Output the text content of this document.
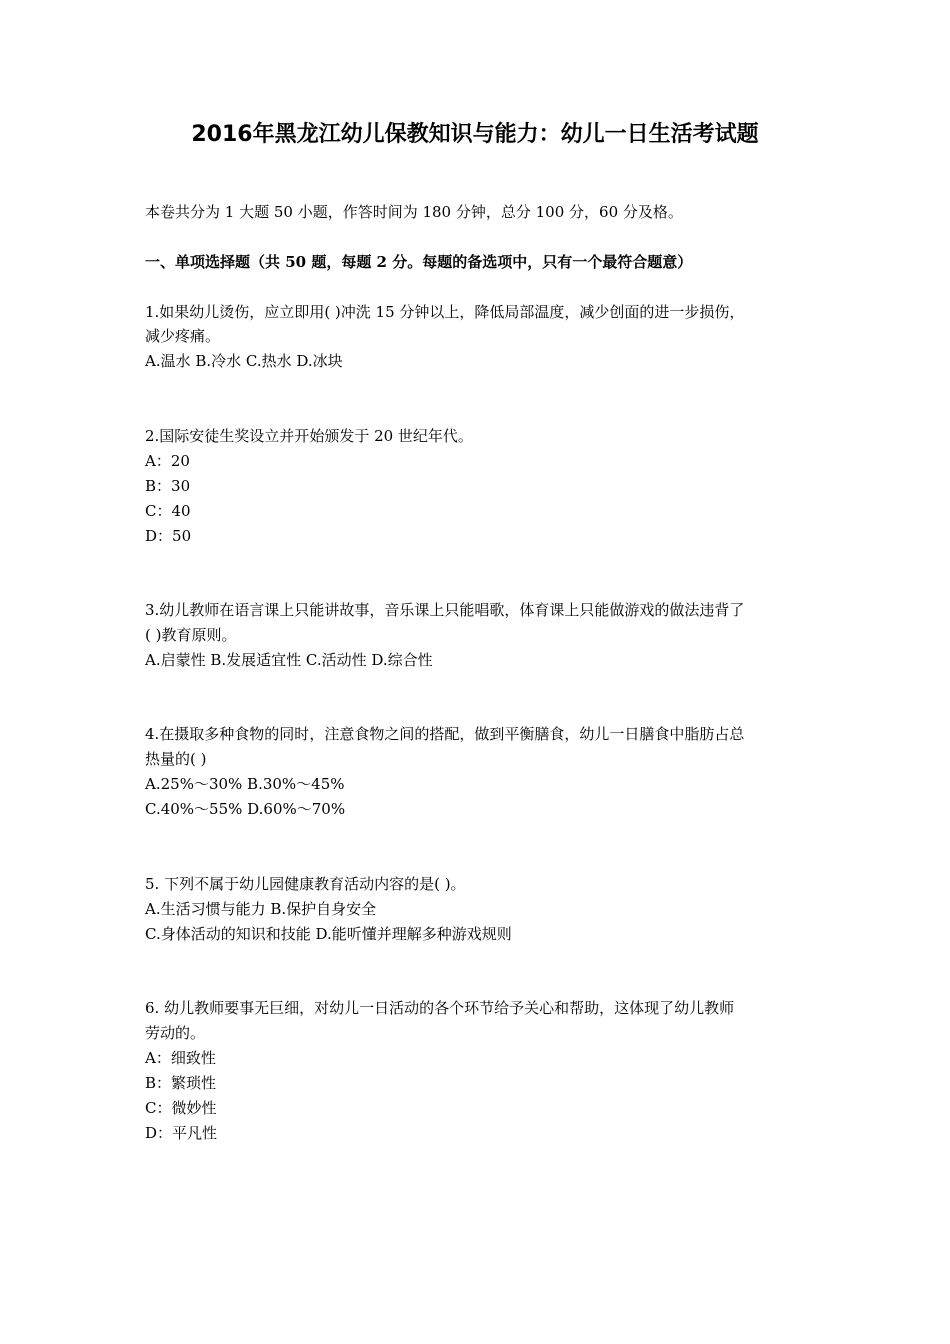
2016年黑龙江幼儿保教知识与能力：幼儿一日生活考试题
本卷共分为 1 大题 50 小题，作答时间为 180 分钟，总分 100 分，60 分及格。
一、单项选择题（共 50 题，每题 2 分。每题的备选项中，只有一个最符合题意）
1.如果幼儿烫伤，应立即用( )冲洗 15 分钟以上，降低局部温度，减少创面的进一步损伤，
减少疼痛。
A.温水 B.冷水 C.热水 D.冰块
2.国际安徒生奖设立并开始颁发于 20 世纪年代。
A：20
B：30
C：40
D：50
3.幼儿教师在语言课上只能讲故事，音乐课上只能唱歌，体育课上只能做游戏的做法违背了
( )教育原则。
A.启蒙性 B.发展适宜性 C.活动性 D.综合性
4.在摄取多种食物的同时，注意食物之间的搭配，做到平衡膳食，幼儿一日膳食中脂肪占总
热量的( )
A.25%～30% B.30%～45%
C.40%～55% D.60%～70%
5. 下列不属于幼儿园健康教育活动内容的是( )。
A.生活习惯与能力 B.保护自身安全
C.身体活动的知识和技能 D.能听懂并理解多种游戏规则
6. 幼儿教师要事无巨细，对幼儿一日活动的各个环节给予关心和帮助，这体现了幼儿教师
劳动的。
A：细致性
B：繁琐性
C：微妙性
D：平凡性
